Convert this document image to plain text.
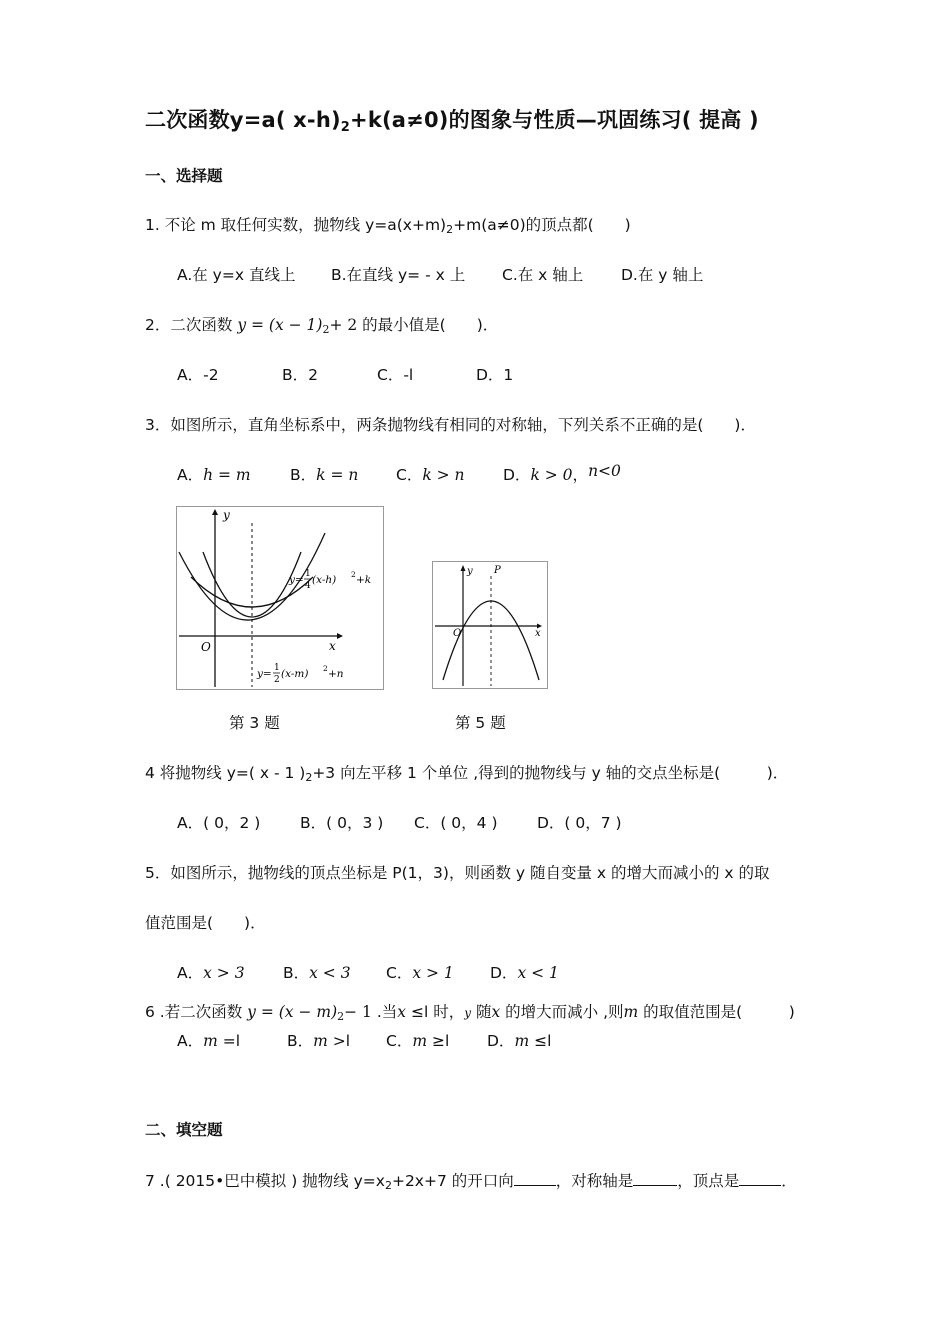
二次函数y=a( x-h)2+k(a≠0)的图象与性质—巩固练习( 提高 )
一、选择题
1. 不论 m 取任何实数，抛物线 y=a(x+m)2+m(a≠0)的顶点都(　　)
A.在 y=x 直线上 B.在直线 y= - x 上 C.在 x 轴上 D.在 y 轴上
2．二次函数 y = (x − 1)2+ 2 的最小值是(　　)．
A．-2	B．2	C．-l	D．1
3．如图所示，直角坐标系中，两条抛物线有相同的对称轴，下列关系不正确的是(　　)．
A．h = m	B．k = n C．k > n D．k > 0，n<0
y
x
O
y= 1
4 (x-h) 2 +k
y= 1
2 (x-m) 2 +n
y
x
O
P
第 3 题	第 5 题
4 将抛物线 y=( x - 1 )2+3 向左平移 1 个单位 ,得到的抛物线与 y 轴的交点坐标是(　　　)．
A．( 0，2 )	B．( 0，3 ) C．( 0，4 )	D．( 0，7 )
5．如图所示，抛物线的顶点坐标是 P(1，3)，则函数 y 随自变量 x 的增大而减小的 x 的取
值范围是(　　)．
A．x > 3 B．x < 3 C．x > 1 D．x < 1
6 .若二次函数 y = (x − m)2− 1 .当x ≤l 时，y 随x 的增大而减小 ,则m 的取值范围是(　　　)
A．m =l	B．m >l C．m ≥l D．m ≤l
二、填空题
7 .( 2015•巴中模拟 ) 抛物线 y=x2+2x+7 的开口向	，对称轴是	，顶点是	．
